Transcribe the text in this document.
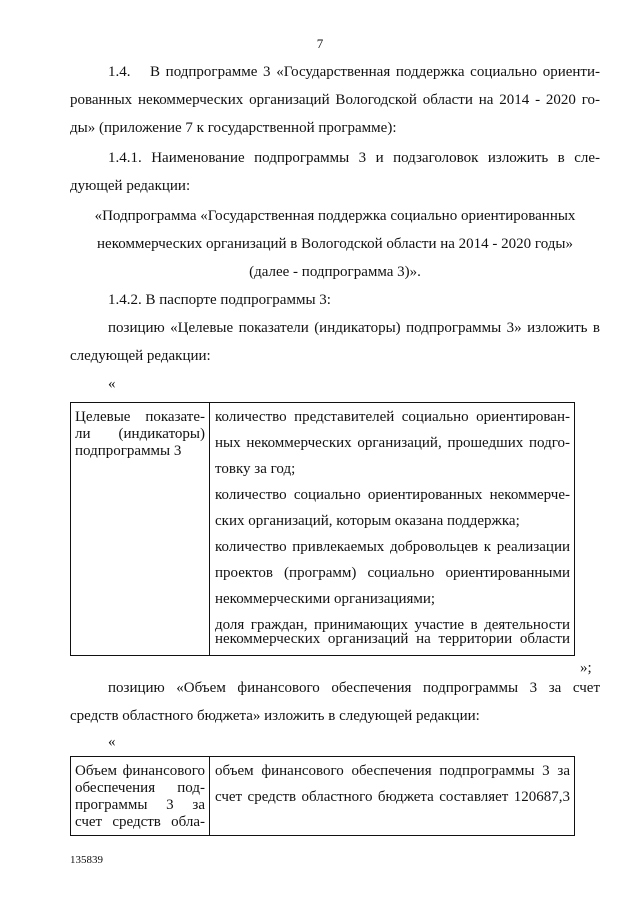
7
1.4. В подпрограмме 3 «Государственная поддержка социально ориенти-
рованных некоммерческих организаций Вологодской области на 2014 - 2020 го-
ды» (приложение 7 к государственной программе):
1.4.1. Наименование подпрограммы 3 и подзаголовок изложить в сле-
дующей редакции:
«Подпрограмма «Государственная поддержка социально ориентированных
некоммерческих организаций в Вологодской области на 2014 - 2020 годы»
(далее - подпрограмма 3)».
1.4.2. В паспорте подпрограммы 3:
позицию «Целевые показатели (индикаторы) подпрограммы 3» изложить в
следующей редакции:
«
Целевые показате-
ли (индикаторы)
подпрограммы 3
количество представителей социально ориентирован-
ных некоммерческих организаций, прошедших подго-
товку за год;
количество социально ориентированных некоммерче-
ских организаций, которым оказана поддержка;
количество привлекаемых добровольцев к реализации
проектов (программ) социально ориентированными
некоммерческими организациями;
доля граждан, принимающих участие в деятельности
некоммерческих организаций на территории области
»;
позицию «Объем финансового обеспечения подпрограммы 3 за счет
средств областного бюджета» изложить в следующей редакции:
«
Объем финансового
обеспечения под-
программы 3 за
счет средств обла-
объем финансового обеспечения подпрограммы 3 за
счет средств областного бюджета составляет 120687,3
135839
